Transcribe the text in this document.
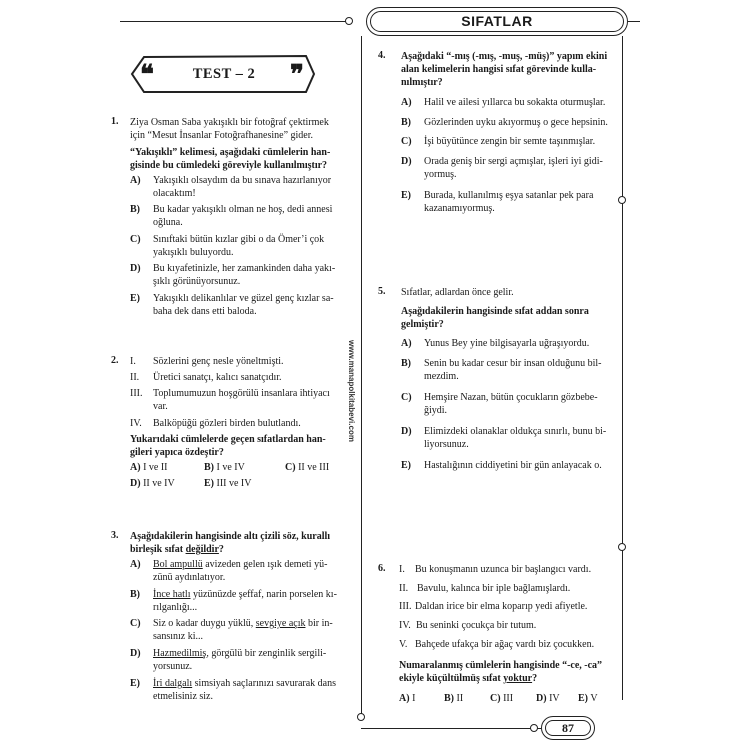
SIFATLAR
87
www.manapolkitabevi.com
❝	TEST – 2	❞
1. Ziya Osman Saba yakışıklı bir fotoğraf çektirmek
için “Mesut İnsanlar Fotoğrafhanesine” gider.
“Yakışıklı” kelimesi, aşağıdaki cümlelerin han-
gisinde bu cümledeki göreviyle kullanılmıştır?
A) Yakışıklı olsaydım da bu sınava hazırlanıyor
olacaktım!
B) Bu kadar yakışıklı olman ne hoş, dedi annesi
oğluna.
C) Sınıftaki bütün kızlar gibi o da Ömer’i çok
yakışıklı buluyordu.
D) Bu kıyafetinizle, her zamankinden daha yakı-
şıklı görünüyorsunuz.
E) Yakışıklı delikanlılar ve güzel genç kızlar sa-
baha dek dans etti baloda.
2. I. Sözlerini genç nesle yöneltmişti.
II. Üretici sanatçı, kalıcı sanatçıdır.
III. Toplumumuzun hoşgörülü insanlara ihtiyacı
var.
IV. Balköpüğü gözleri birden bulutlandı.
Yukarıdaki cümlelerde geçen sıfatlardan han-
gileri yapıca özdeştir?
A) I ve II	B) I ve IV	C) II ve III
D) II ve IV	E) III ve IV
3. Aşağıdakilerin hangisinde altı çizili söz, kurallı
birleşik sıfat değildir?
A) Bol ampullü avizeden gelen ışık demeti yü-
zünü aydınlatıyor.
B) İnce hatlı yüzünüzde şeffaf, narin porselen kı-
rılganlığı...
C) Siz o kadar duygu yüklü, sevgiye açık bir in-
sansınız ki...
D) Hazmedilmiş, görgülü bir zenginlik sergili-
yorsunuz.
E) İri dalgalı simsiyah saçlarınızı savurarak dans
etmelisiniz siz.
4. Aşağıdaki “-mış (-mış, -muş, -müş)” yapım ekini
alan kelimelerin hangisi sıfat görevinde kulla-
nılmıştır?
A) Halil ve ailesi yıllarca bu sokakta oturmuşlar.
B) Gözlerinden uyku akıyormuş o gece hepsinin.
C) İşi büyütünce zengin bir semte taşınmışlar.
D) Orada geniş bir sergi açmışlar, işleri iyi gidi-
yormuş.
E) Burada, kullanılmış eşya satanlar pek para
kazanamıyormuş.
5. Sıfatlar, adlardan önce gelir.
Aşağıdakilerin hangisinde sıfat addan sonra
gelmiştir?
A) Yunus Bey yine bilgisayarla uğraşıyordu.
B) Senin bu kadar cesur bir insan olduğunu bil-
mezdim.
C) Hemşire Nazan, bütün çocukların gözbebe-
ğiydi.
D) Elimizdeki olanaklar oldukça sınırlı, bunu bi-
liyorsunuz.
E) Hastalığının ciddiyetini bir gün anlayacak o.
6. I. Bu konuşmanın uzunca bir başlangıcı vardı.
II. Bavulu, kalınca bir iple bağlamışlardı.
III. Daldan irice bir elma koparıp yedi afiyetle.
IV. Bu seninki çocukça bir tutum.
V. Bahçede ufakça bir ağaç vardı biz çocukken.
Numaralanmış cümlelerin hangisinde “-ce, -ca”
ekiyle küçültülmüş sıfat yoktur?
A) I	B) II	C) III D) IV E) V
